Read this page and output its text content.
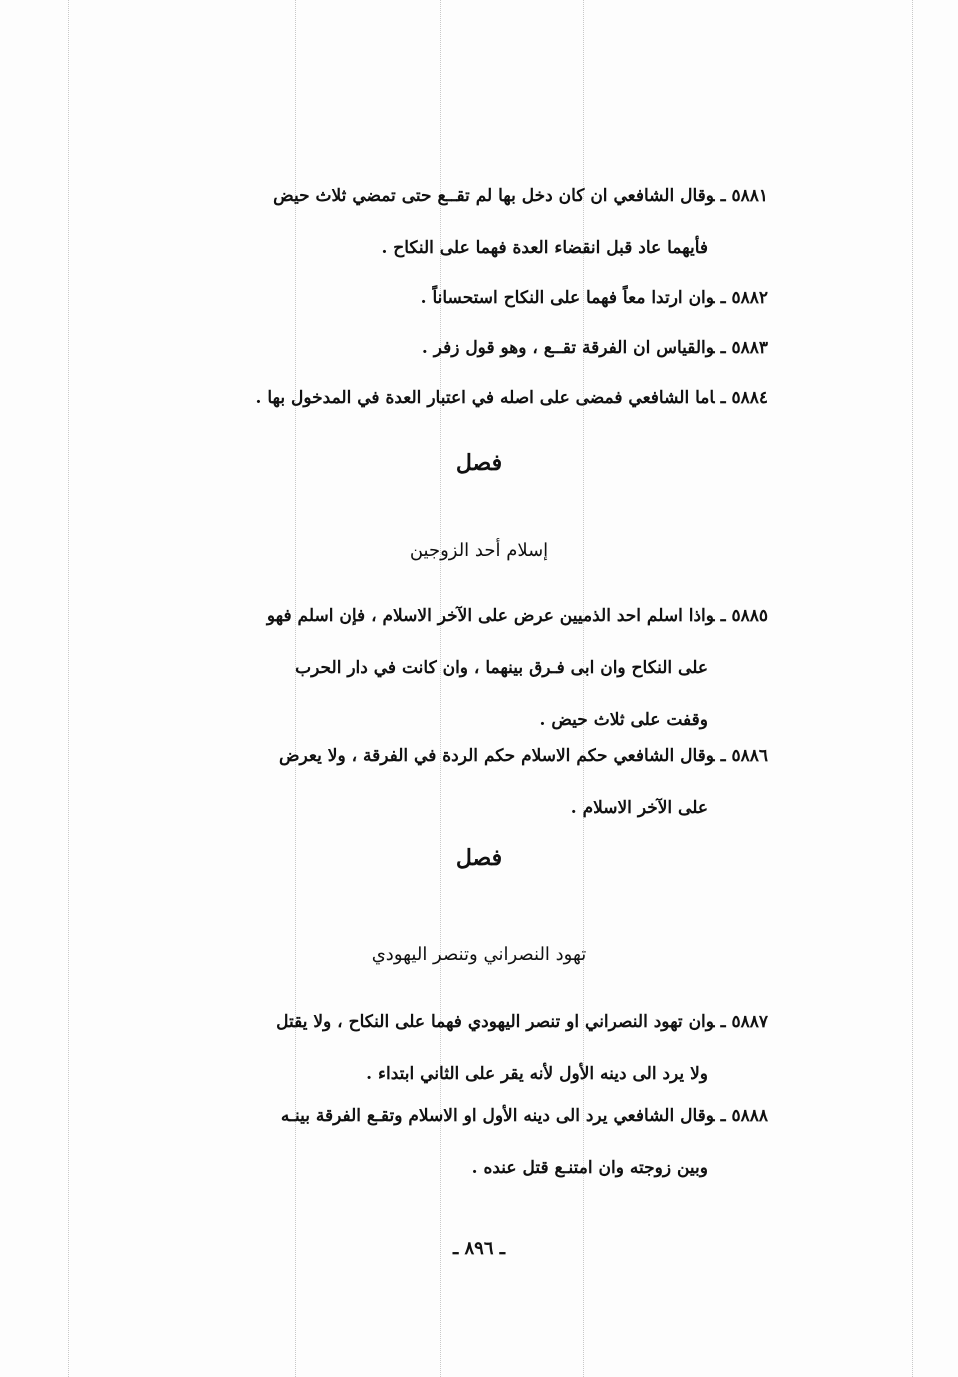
٥٨٨١ ـوقال الشافعي ان كان دخل بها لم تقــع حتى تمضي ثلاث حيض
فأيهما عاد قبل انقضاء العدة فهما على النكاح .
٥٨٨٢ ـوان ارتدا معاً فهما على النكاح استحساناً .
٥٨٨٣ ـوالقياس ان الفرقة تقــع ، وهو قول زفر .
٥٨٨٤ ـاما الشافعي فمضى على اصله في اعتبار العدة في المدخول بها .
فصل
إسلام أحد الزوجين
٥٨٨٥ ـواذا اسلم احد الذميين عرض على الآخر الاسلام ، فإن اسلم فهو
على النكاح وان ابى فـرق بينهما ، وان كانت في دار الحرب
وقفت على ثلاث حيض .
٥٨٨٦ ـوقال الشافعي حكم الاسلام حكم الردة في الفرقة ، ولا يعرض
على الآخر الاسلام .
فصل
تهود النصراني وتنصر اليهودي
٥٨٨٧ ـوان تهود النصراني او تنصر اليهودي فهما على النكاح ، ولا يقتل
ولا يرد الى دينه الأول لأنه يقر على الثاني ابتداء .
٥٨٨٨ ـوقال الشافعي يرد الى دينه الأول او الاسلام وتقـع الفرقة بينـه
وبين زوجته وان امتنـع قتل عنده .
ـ ٨٩٦ ـ
